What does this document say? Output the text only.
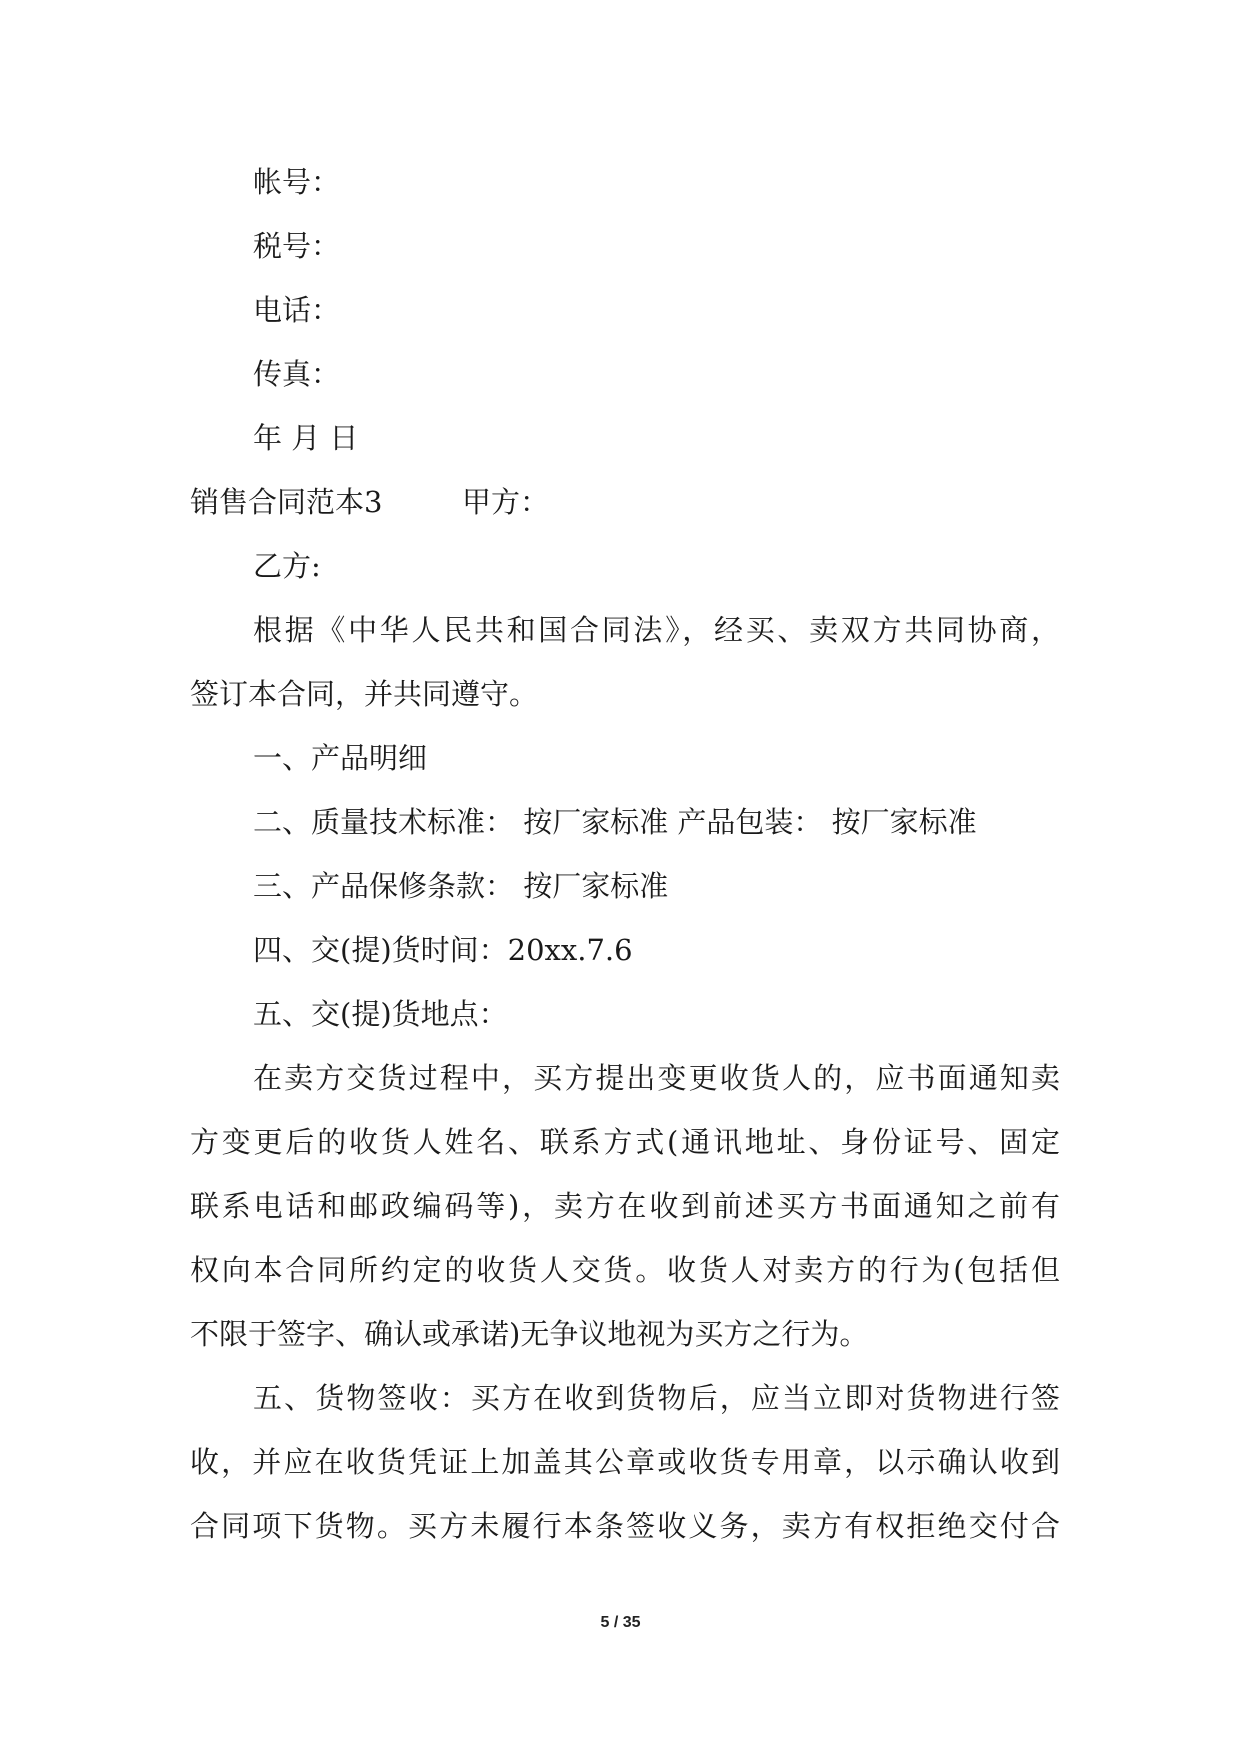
帐号：
税号：
电话：
传真：
年 月 日
销售合同范本3	甲方：
乙方:
根据《中华人民共和国合同法》，经买、卖双方共同协商，
签订本合同，并共同遵守。
一、产品明细
二、质量技术标准： 按厂家标准 产品包装： 按厂家标准
三、产品保修条款： 按厂家标准
四、交(提)货时间：20xx.7.6
五、交(提)货地点：
在卖方交货过程中，买方提出变更收货人的，应书面通知卖
方变更后的收货人姓名、联系方式(通讯地址、身份证号、固定
联系电话和邮政编码等)，卖方在收到前述买方书面通知之前有
权向本合同所约定的收货人交货。收货人对卖方的行为(包括但
不限于签字、确认或承诺)无争议地视为买方之行为。
五、货物签收：买方在收到货物后，应当立即对货物进行签
收，并应在收货凭证上加盖其公章或收货专用章，以示确认收到
合同项下货物。买方未履行本条签收义务，卖方有权拒绝交付合
5 / 35
